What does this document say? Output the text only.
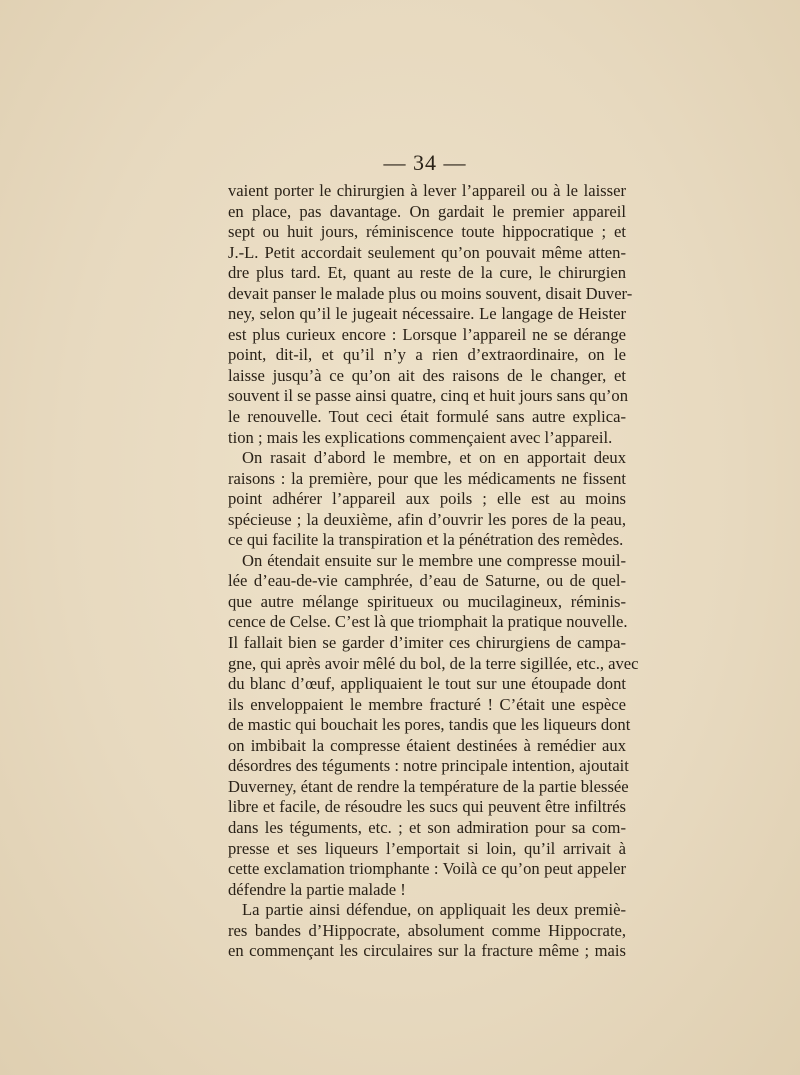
— 34 —
vaient porter le chirurgien à lever l’appareil ou à le laisser
en place, pas davantage. On gardait le premier appareil
sept ou huit jours, réminiscence toute hippocratique ; et
J.-L. Petit accordait seulement qu’on pouvait même atten-
dre plus tard. Et, quant au reste de la cure, le chirurgien
devait panser le malade plus ou moins souvent, disait Duver-
ney, selon qu’il le jugeait nécessaire. Le langage de Heister
est plus curieux encore : Lorsque l’appareil ne se dérange
point, dit-il, et qu’il n’y a rien d’extraordinaire, on le
laisse jusqu’à ce qu’on ait des raisons de le changer, et
souvent il se passe ainsi quatre, cinq et huit jours sans qu’on
le renouvelle. Tout ceci était formulé sans autre explica-
tion ; mais les explications commençaient avec l’appareil.
On rasait d’abord le membre, et on en apportait deux
raisons : la première, pour que les médicaments ne fissent
point adhérer l’appareil aux poils ; elle est au moins
spécieuse ; la deuxième, afin d’ouvrir les pores de la peau,
ce qui facilite la transpiration et la pénétration des remèdes.
On étendait ensuite sur le membre une compresse mouil-
lée d’eau-de-vie camphrée, d’eau de Saturne, ou de quel-
que autre mélange spiritueux ou mucilagineux, réminis-
cence de Celse. C’est là que triomphait la pratique nouvelle.
Il fallait bien se garder d’imiter ces chirurgiens de campa-
gne, qui après avoir mêlé du bol, de la terre sigillée, etc., avec
du blanc d’œuf, appliquaient le tout sur une étoupade dont
ils enveloppaient le membre fracturé ! C’était une espèce
de mastic qui bouchait les pores, tandis que les liqueurs dont
on imbibait la compresse étaient destinées à remédier aux
désordres des téguments : notre principale intention, ajoutait
Duverney, étant de rendre la température de la partie blessée
libre et facile, de résoudre les sucs qui peuvent être infiltrés
dans les téguments, etc. ; et son admiration pour sa com-
presse et ses liqueurs l’emportait si loin, qu’il arrivait à
cette exclamation triomphante : Voilà ce qu’on peut appeler
défendre la partie malade !
La partie ainsi défendue, on appliquait les deux premiè-
res bandes d’Hippocrate, absolument comme Hippocrate,
en commençant les circulaires sur la fracture même ; mais
